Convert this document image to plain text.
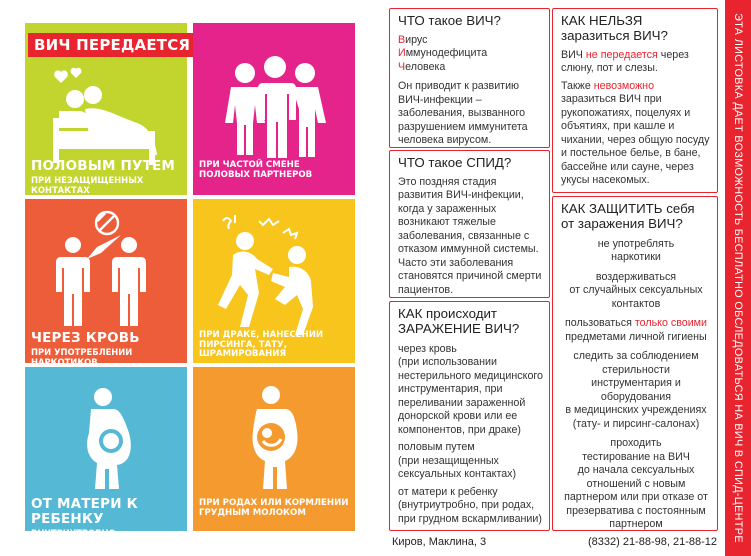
ПОЛОВЫМ ПУТЕМ
ПРИ НЕЗАЩИЩЕННЫХ КОНТАКТАХ
ВИЧ ПЕРЕДАЕТСЯ
ПРИ ЧАСТОЙ СМЕНЕ ПОЛОВЫХ ПАРТНЕРОВ
ЧЕРЕЗ КРОВЬ
ПРИ УПОТРЕБЛЕНИИ НАРКОТИКОВ
ПРИ ДРАКЕ, НАНЕСЕНИИ ПИРСИНГА, ТАТУ, ШРАМИРОВАНИЯ
ОТ МАТЕРИ К РЕБЕНКУ
ВНУТРИУТРОБНО
ПРИ РОДАХ ИЛИ КОРМЛЕНИИ ГРУДНЫМ МОЛОКОМ
ЧТО такое ВИЧ?

Вирус

Иммунодефицита

Человека

Он приводит к развитию

ВИЧ-инфекции –

заболевания, вызванного разрушением иммунитета человека вирусом.

ЧТО такое СПИД?

Это поздняя стадия развития ВИЧ-инфекции, когда у зараженных возникают тяжелые заболевания, связанные с отказом иммунной системы.

Часто эти заболевания становятся причиной смерти пациентов.

КАК происходит ЗАРАЖЕНИЕ ВИЧ?

через кровь

(при использовании нестерильного медицинского инструментария, при переливании зараженной донорской крови или ее компонентов, при драке)

половым путем

(при незащищенных сексуальных контактах)

от матери к ребенку

(внутриутробно, при родах, при грудном вскармливании)

КАК НЕЛЬЗЯ заразиться ВИЧ?

ВИЧ не передается через слюну, пот и слезы.

Также невозможно заразиться ВИЧ при рукопожатиях, поцелуях и объятиях, при кашле и чихании, через общую посуду и постельное белье, в бане, бассейне или сауне, через укусы насекомых.

КАК ЗАЩИТИТЬ себя от заражения ВИЧ?

не употреблять

наркотики

воздерживаться

от случайных сексуальных контактов

пользоваться только своими предметами личной гигиены

следить за соблюдением

стерильности инструментария и оборудования

в медицинских учреждениях (тату- и пирсинг-салонах)

проходить

тестирование на ВИЧ

до начала сексуальных отношений с новым партнером или при отказе от презерватива с постоянным партнером	ЭТА ЛИСТОВКА ДАЕТ ВОЗМОЖНОСТЬ БЕСПЛАТНО ОБСЛЕДОВАТЬСЯ НА ВИЧ В СПИД-ЦЕНТРЕ
Киров, Маклина, 3	(8332) 21-88-98, 21-88-12
